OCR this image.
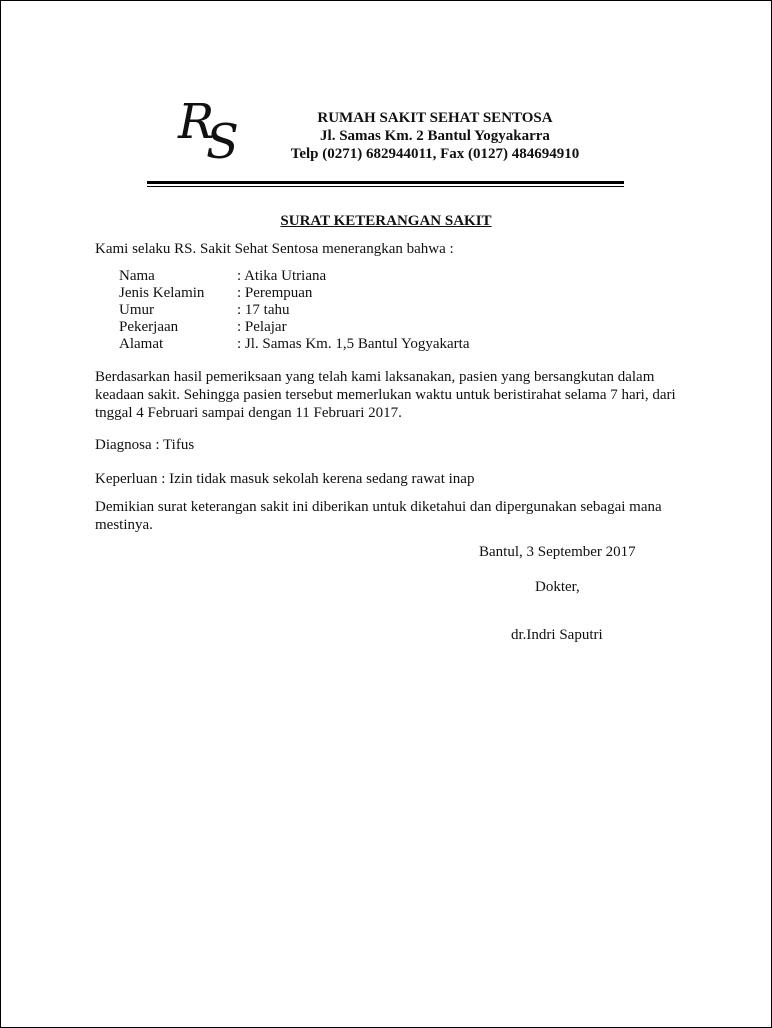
R
S	RUMAH SAKIT SEHAT SENTOSA
Jl. Samas Km. 2 Bantul Yogyakarra
Telp (0271) 682944011, Fax (0127) 484694910
SURAT KETERANGAN SAKIT
Kami selaku RS. Sakit Sehat Sentosa menerangkan bahwa :
Nama	: Atika Utriana
Jenis Kelamin	: Perempuan
Umur	: 17 tahu
Pekerjaan	: Pelajar
Alamat	: Jl. Samas Km. 1,5 Bantul Yogyakarta
Berdasarkan hasil pemeriksaan yang telah kami laksanakan, pasien yang bersangkutan dalam keadaan sakit. Sehingga pasien tersebut memerlukan waktu untuk beristirahat selama 7 hari, dari tnggal 4 Februari sampai dengan 11 Februari 2017.
Diagnosa : Tifus
Keperluan : Izin tidak masuk sekolah kerena sedang rawat inap
Demikian surat keterangan sakit ini diberikan untuk diketahui dan dipergunakan sebagai mana mestinya.
Bantul, 3 September 2017
Dokter,
dr.Indri Saputri
